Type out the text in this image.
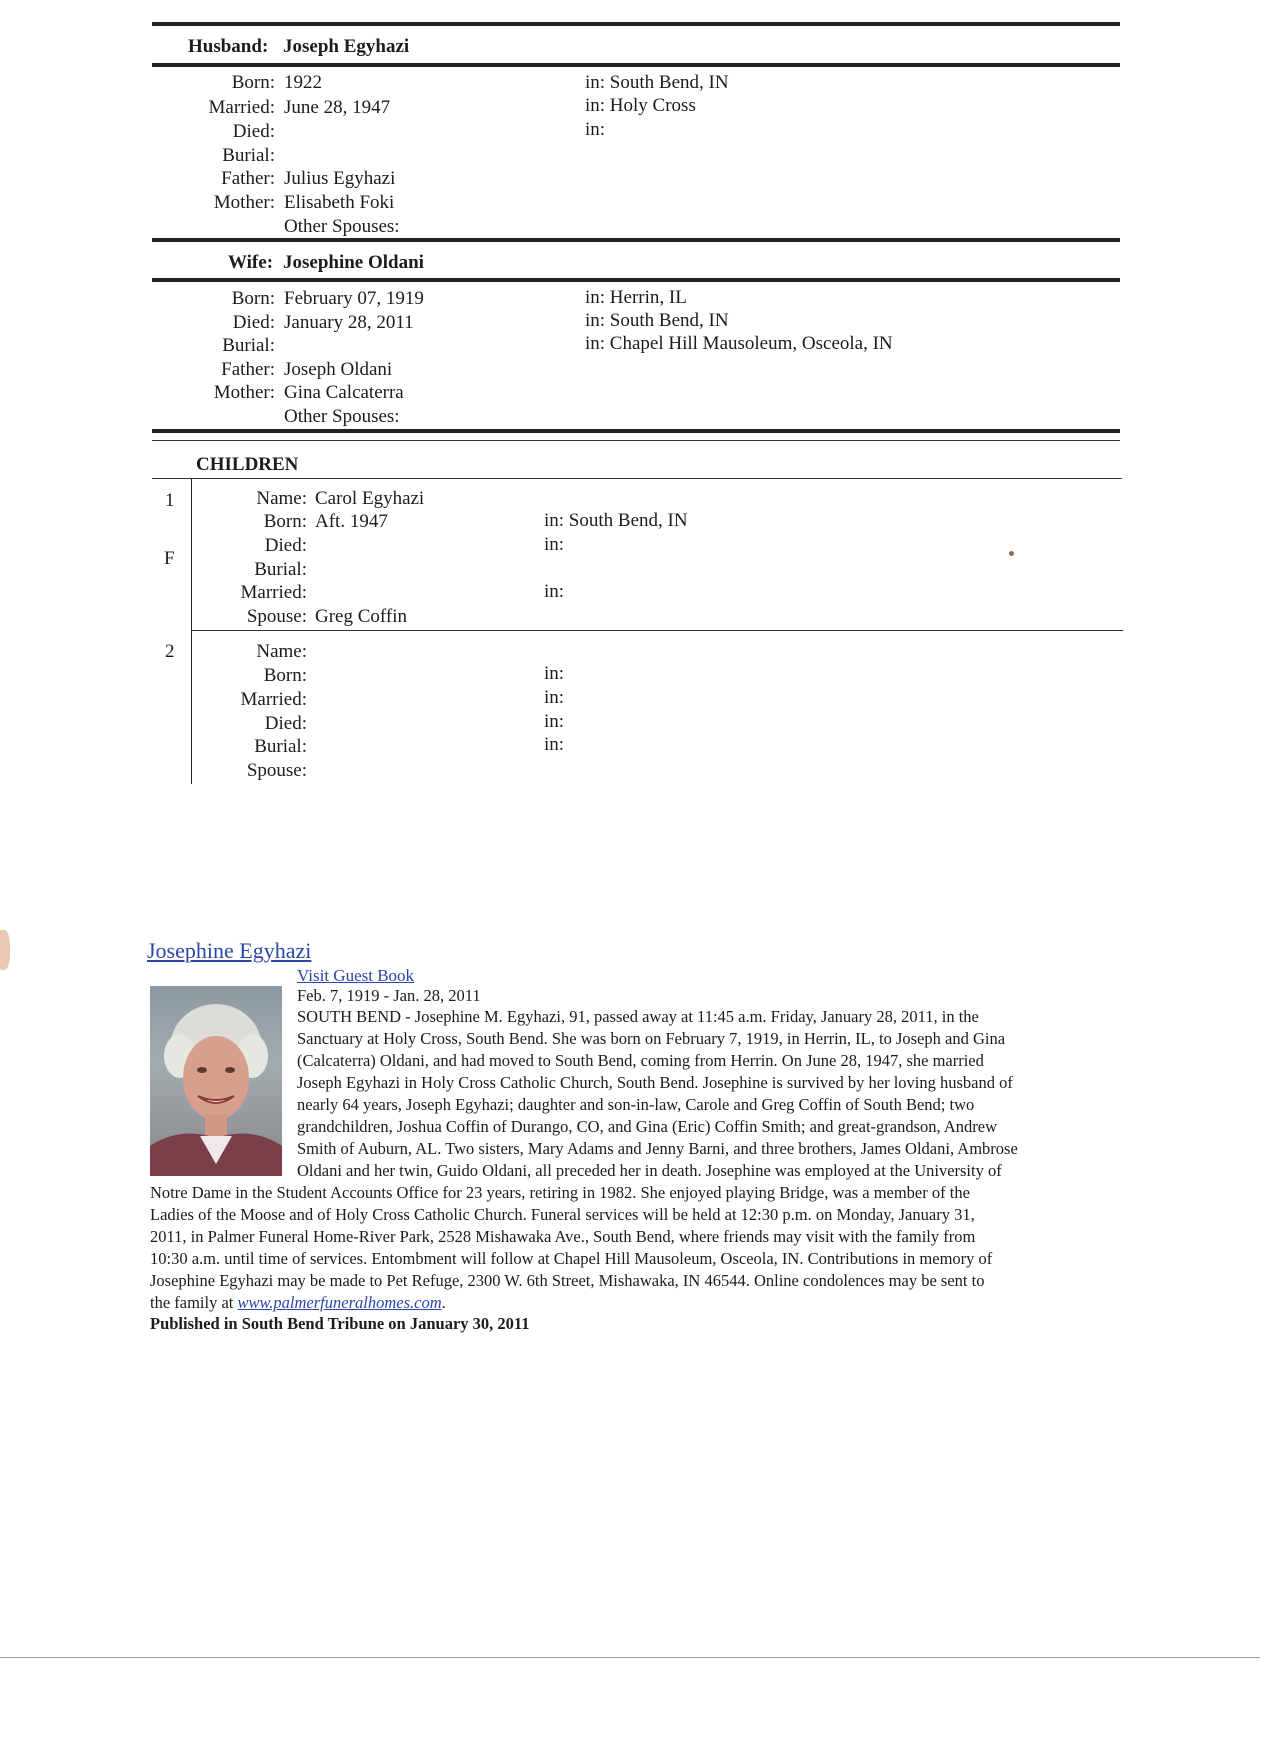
Husband: Joseph Egyhazi
Born: 1922	in: South Bend, IN
Married: June 28, 1947	in: Holy Cross
Died:	in:
Burial:
Father: Julius Egyhazi
Mother: Elisabeth Foki
Other Spouses:
Wife: Josephine Oldani
Born: February 07, 1919	in: Herrin, IL
Died: January 28, 2011	in: South Bend, IN
Burial:	in: Chapel Hill Mausoleum, Osceola, IN
Father: Joseph Oldani
Mother: Gina Calcaterra
Other Spouses:
CHILDREN
1
F
Name: Carol Egyhazi
Born: Aft. 1947	in: South Bend, IN
Died:	in:
Burial:
Married:	in:
Spouse: Greg Coffin
2	Name:
Born:	in:
Married:	in:
Died:	in:
Burial:	in:
Spouse:
Josephine Egyhazi
Visit Guest Book
Feb. 7, 1919 - Jan. 28, 2011
SOUTH BEND - Josephine M. Egyhazi, 91, passed away at 11:45 a.m. Friday, January 28, 2011, in the
Sanctuary at Holy Cross, South Bend. She was born on February 7, 1919, in Herrin, IL, to Joseph and Gina
(Calcaterra) Oldani, and had moved to South Bend, coming from Herrin. On June 28, 1947, she married
Joseph Egyhazi in Holy Cross Catholic Church, South Bend. Josephine is survived by her loving husband of
nearly 64 years, Joseph Egyhazi; daughter and son-in-law, Carole and Greg Coffin of South Bend; two
grandchildren, Joshua Coffin of Durango, CO, and Gina (Eric) Coffin Smith; and great-grandson, Andrew
Smith of Auburn, AL. Two sisters, Mary Adams and Jenny Barni, and three brothers, James Oldani, Ambrose
Oldani and her twin, Guido Oldani, all preceded her in death. Josephine was employed at the University of
Notre Dame in the Student Accounts Office for 23 years, retiring in 1982. She enjoyed playing Bridge, was a member of the
Ladies of the Moose and of Holy Cross Catholic Church. Funeral services will be held at 12:30 p.m. on Monday, January 31,
2011, in Palmer Funeral Home-River Park, 2528 Mishawaka Ave., South Bend, where friends may visit with the family from
10:30 a.m. until time of services. Entombment will follow at Chapel Hill Mausoleum, Osceola, IN. Contributions in memory of
Josephine Egyhazi may be made to Pet Refuge, 2300 W. 6th Street, Mishawaka, IN 46544. Online condolences may be sent to
the family at www.palmerfuneralhomes.com.
Published in South Bend Tribune on January 30, 2011
